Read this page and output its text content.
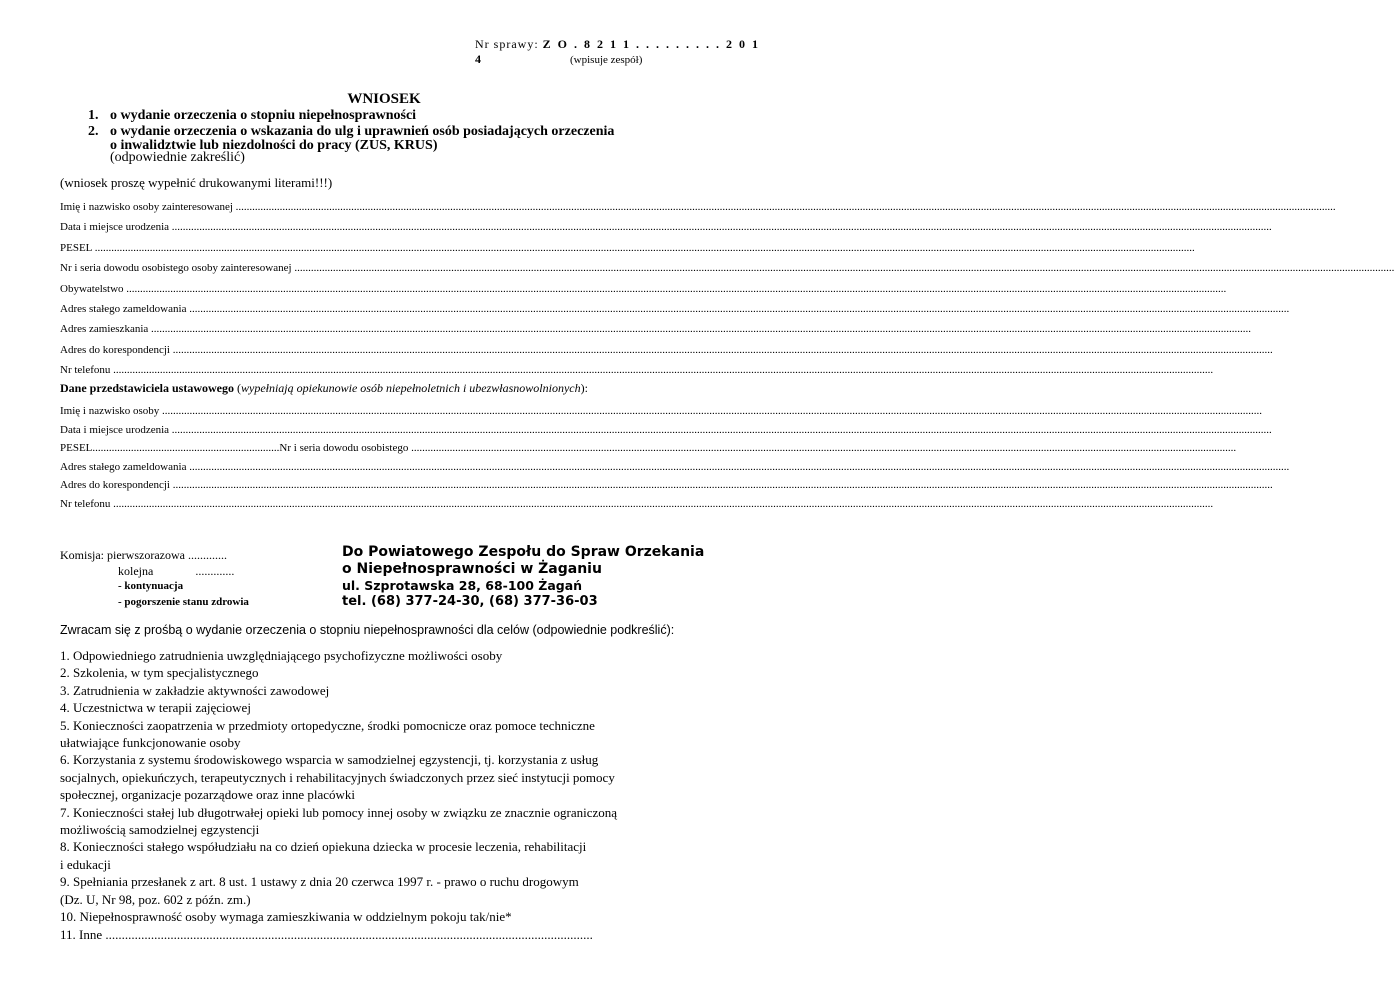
Nr sprawy: Z O . 8 2 1 1 . . . . . . . . . 2 0 1 4	(wpisuje zespół)
WNIOSEK
1. o wydanie orzeczenia o stopniu niepełnosprawności
2. o wydanie orzeczenia o wskazania do ulg i uprawnień osób posiadających orzeczenia
o inwalidztwie lub niezdolności do pracy (ZUS, KRUS)
(odpowiednie zakreślić)
(wniosek proszę wypełnić drukowanymi literami!!!)
Imię i nazwisko osoby zainteresowanej ................................................................................................................................................................................................................................................................................................................................................................................................................
Data i miejsce urodzenia ................................................................................................................................................................................................................................................................................................................................................................................................................
PESEL ................................................................................................................................................................................................................................................................................................................................................................................................................
Nr i seria dowodu osobistego osoby zainteresowanej ................................................................................................................................................................................................................................................................................................................................................................................................................
Obywatelstwo ................................................................................................................................................................................................................................................................................................................................................................................................................
Adres stałego zameldowania ................................................................................................................................................................................................................................................................................................................................................................................................................
Adres zamieszkania ................................................................................................................................................................................................................................................................................................................................................................................................................
Adres do korespondencji ................................................................................................................................................................................................................................................................................................................................................................................................................
Nr telefonu ................................................................................................................................................................................................................................................................................................................................................................................................................
Dane przedstawiciela ustawowego (wypełniają opiekunowie osób niepełnoletnich i ubezwłasnowolnionych):
Imię i nazwisko osoby ................................................................................................................................................................................................................................................................................................................................................................................................................
Data i miejsce urodzenia ................................................................................................................................................................................................................................................................................................................................................................................................................
PESEL....................................................................Nr i seria dowodu osobistego ............................................................................................................................................................................................................................................................................................................
Adres stałego zameldowania ................................................................................................................................................................................................................................................................................................................................................................................................................
Adres do korespondencji ................................................................................................................................................................................................................................................................................................................................................................................................................
Nr telefonu ................................................................................................................................................................................................................................................................................................................................................................................................................
Komisja: pierwszorazowa .............
kolejna	.............
- kontynuacja
- pogorszenie stanu zdrowia
Do Powiatowego Zespołu do Spraw Orzekania
o Niepełnosprawności w Żaganiu
ul. Szprotawska 28, 68-100 Żagań
tel. (68) 377-24-30, (68) 377-36-03
Zwracam się z prośbą o wydanie orzeczenia o stopniu niepełnosprawności dla celów (odpowiednie podkreślić):
1. Odpowiedniego zatrudnienia uwzględniającego psychofizyczne możliwości osoby
2. Szkolenia, w tym specjalistycznego
3. Zatrudnienia w zakładzie aktywności zawodowej
4. Uczestnictwa w terapii zajęciowej
5. Konieczności zaopatrzenia w przedmioty ortopedyczne, środki pomocnicze oraz pomoce techniczne
ułatwiające funkcjonowanie osoby
6. Korzystania z systemu środowiskowego wsparcia w samodzielnej egzystencji, tj. korzystania z usług
socjalnych, opiekuńczych, terapeutycznych i rehabilitacyjnych świadczonych przez sieć instytucji pomocy
społecznej, organizacje pozarządowe oraz inne placówki
7. Konieczności stałej lub długotrwałej opieki lub pomocy innej osoby w związku ze znacznie ograniczoną
możliwością samodzielnej egzystencji
8. Konieczności stałego współudziału na co dzień opiekuna dziecka w procesie leczenia, rehabilitacji
i edukacji
9. Spełniania przesłanek z art. 8 ust. 1 ustawy z dnia 20 czerwca 1997 r. - prawo o ruchu drogowym
(Dz. U, Nr 98, poz. 602 z późn. zm.)
10. Niepełnosprawność osoby wymaga zamieszkiwania w oddzielnym pokoju tak/nie*
11. Inne ......................................................................................................................................................
